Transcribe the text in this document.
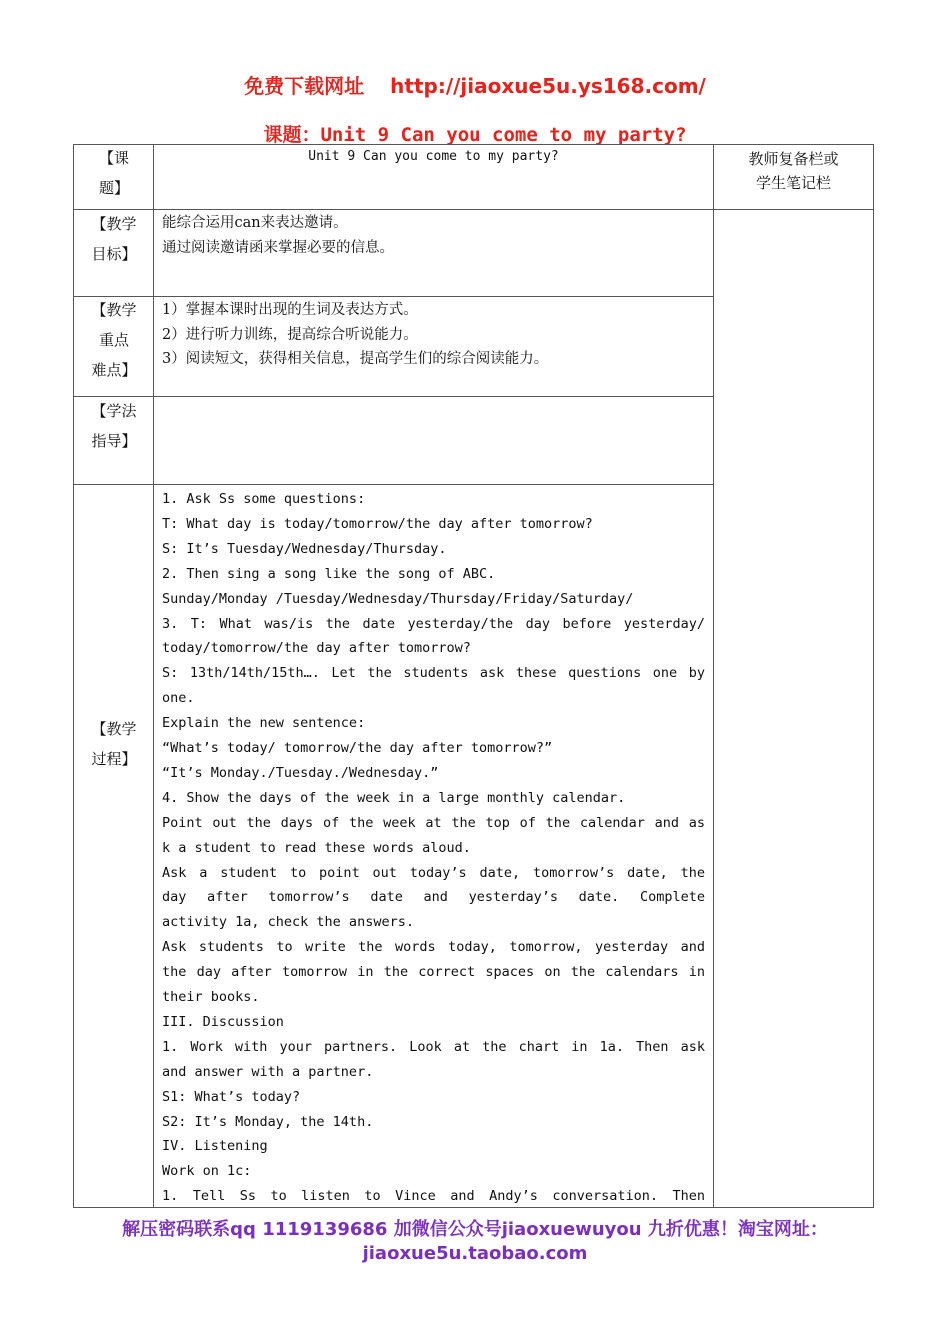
免费下载网址 http://jiaoxue5u.ys168.com/
课题：Unit 9 Can you come to my party?
【课
题】
Unit 9 Can you come to my party?	教师复备栏或
学生笔记栏
【教学
目标】
能综合运用can来表达邀请。
通过阅读邀请函来掌握必要的信息。
【教学
重点
难点】
1）掌握本课时出现的生词及表达方式。
2）进行听力训练，提高综合听说能力。
3）阅读短文，获得相关信息，提高学生们的综合阅读能力。
【学法
指导】
【教学
过程】
1. Ask Ss some questions:
T: What day is today/tomorrow/the day after tomorrow?
S: It’s Tuesday/Wednesday/Thursday.
2. Then sing a song like the song of ABC.
Sunday/Monday /Tuesday/Wednesday/Thursday/Friday/Saturday/
3. T: What was/is the date yesterday/the day before yesterday/
today/tomorrow/the day after tomorrow?
S: 13th/14th/15th…. Let the students ask these questions one by
one.
Explain the new sentence:
“What’s today/ tomorrow/the day after tomorrow?”
“It’s Monday./Tuesday./Wednesday.”
4. Show the days of the week in a large monthly calendar.
Point out the days of the week at the top of the calendar and as
k a student to read these words aloud.
Ask a student to point out today’s date, tomorrow’s date, the
day after tomorrow’s date and yesterday’s date. Complete
activity 1a, check the answers.
Ask students to write the words today, tomorrow, yesterday and
the day after tomorrow in the correct spaces on the calendars in
their books.
III. Discussion
1. Work with your partners. Look at the chart in 1a. Then ask
and answer with a partner.
S1: What’s today?
S2: It’s Monday, the 14th.
IV. Listening
Work on 1c:
1. Tell Ss to listen to Vince and Andy’s conversation. Then
解压密码联系qq 1119139686 加微信公众号jiaoxuewuyou 九折优惠！淘宝网址：
jiaoxue5u.taobao.com
